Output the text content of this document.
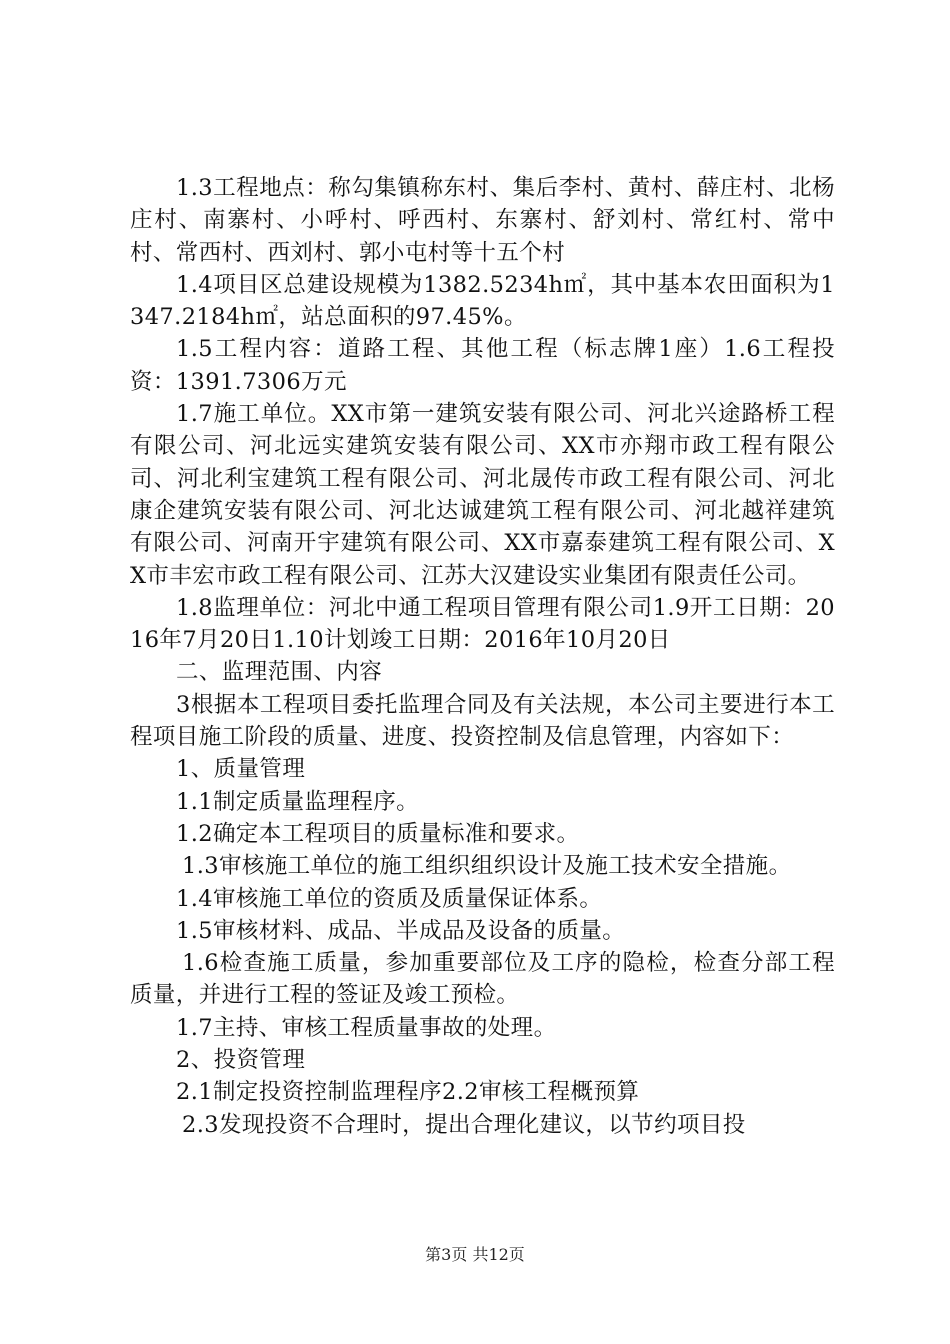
1.3工程地点：称勾集镇称东村、集后李村、黄村、薛庄村、北杨庄村、南寨村、小呼村、呼西村、东寨村、舒刘村、常红村、常中村、常西村、西刘村、郭小屯村等十五个村

1.4项目区总建设规模为1382.5234h㎡，其中基本农田面积为1347.2184h㎡，站总面积的97.45%。

1.5工程内容：道路工程、其他工程（标志牌1座）1.6工程投资：1391.7306万元

1.7施工单位。XX市第一建筑安装有限公司、河北兴途路桥工程有限公司、河北远实建筑安装有限公司、XX市亦翔市政工程有限公司、河北利宝建筑工程有限公司、河北晟传市政工程有限公司、河北康企建筑安装有限公司、河北达诚建筑工程有限公司、河北越祥建筑有限公司、河南开宇建筑有限公司、XX市嘉泰建筑工程有限公司、XX市丰宏市政工程有限公司、江苏大汉建设实业集团有限责任公司。

1.8监理单位：河北中通工程项目管理有限公司1.9开工日期：2016年7月20日1.10计划竣工日期：2016年10月20日

二、监理范围、内容

3根据本工程项目委托监理合同及有关法规，本公司主要进行本工程项目施工阶段的质量、进度、投资控制及信息管理，内容如下：

1、质量管理

1.1制定质量监理程序。

1.2确定本工程项目的质量标准和要求。

1.3审核施工单位的施工组织组织设计及施工技术安全措施。

1.4审核施工单位的资质及质量保证体系。

1.5审核材料、成品、半成品及设备的质量。

1.6检查施工质量，参加重要部位及工序的隐检，检查分部工程质量，并进行工程的签证及竣工预检。

1.7主持、审核工程质量事故的处理。

2、投资管理

2.1制定投资控制监理程序2.2审核工程概预算

2.3发现投资不合理时，提出合理化建议，以节约项目投

第3页 共12页
